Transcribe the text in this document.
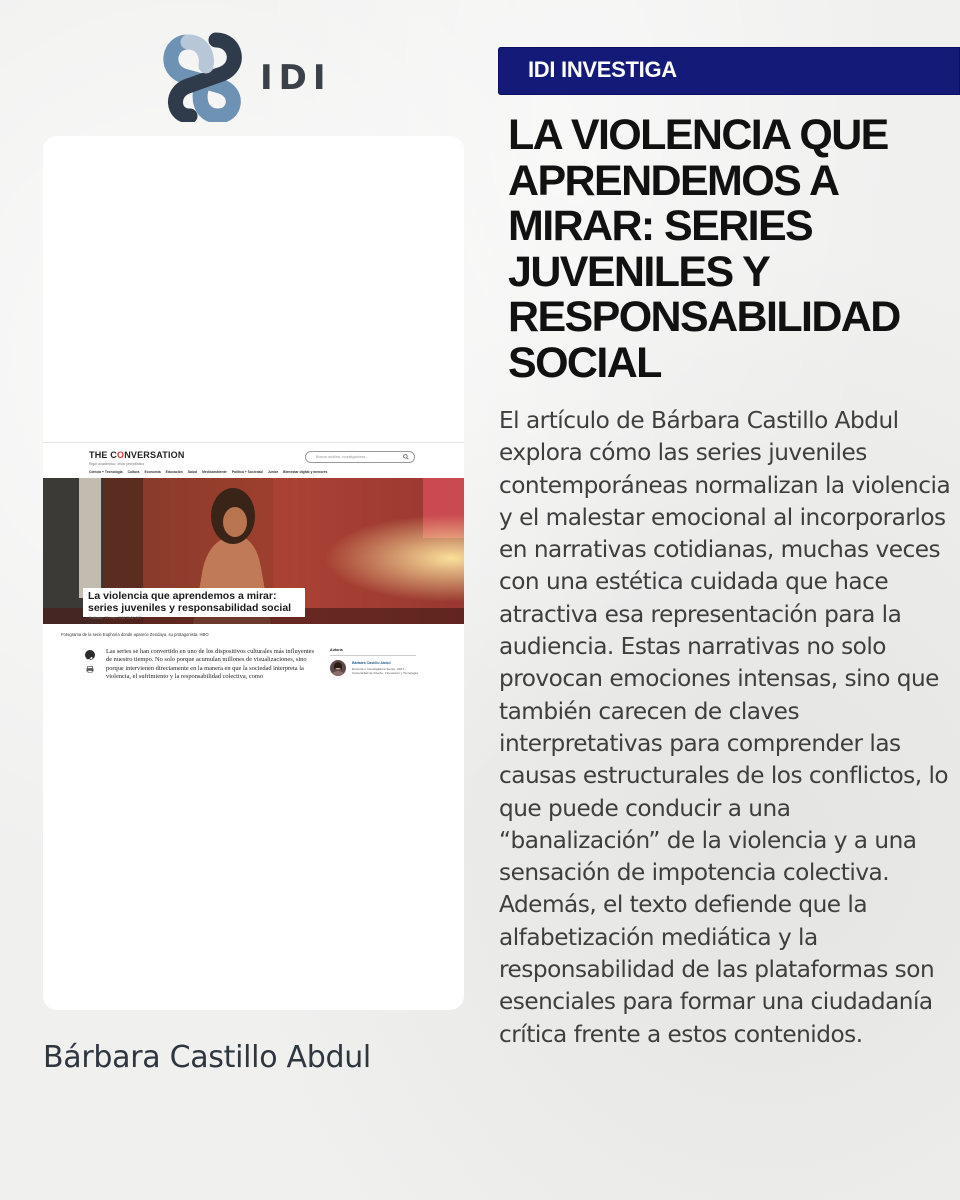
IDI
THE CONVERSATION
Rigor académico, oficio periodístico
Buscar análisis, investigadores...
Ciencia + Tecnología Cultura Economía Educación Salud Medioambiente Política + Sociedad Júnior Bienestar digital y menores
La violencia que aprendemos a mirar: series juveniles y responsabilidad social
Publicado: 23 enero 2026 20:00 CET
Fotograma de la serie Euphoria donde aparece Zendaya, su protagonista. HBO
Las series se han convertido en uno de los dispositivos culturales más influyentes de nuestro tiempo. No solo porque acumulan millones de visualizaciones, sino porque intervienen directamente en la manera en que la sociedad interpreta la violencia, el sufrimiento y la responsabilidad colectiva, como
Autoría
Bárbara Castillo Abdul
Docente e Investigadora Senior, UDIT - Universidad de Diseño, Innovación y Tecnología
Bárbara Castillo Abdul
IDI INVESTIGA
LA VIOLENCIA QUE APRENDEMOS A MIRAR: SERIES JUVENILES Y RESPONSABILIDAD SOCIAL
El artículo de Bárbara Castillo Abdul explora cómo las series juveniles contemporáneas normalizan la violencia y el malestar emocional al incorporarlos en narrativas cotidianas, muchas veces con una estética cuidada que hace atractiva esa representación para la audiencia. Estas narrativas no solo provocan emociones intensas, sino que también carecen de claves interpretativas para comprender las causas estructurales de los conflictos, lo que puede conducir a una “banalización” de la violencia y a una sensación de impotencia colectiva. Además, el texto defiende que la alfabetización mediática y la responsabilidad de las plataformas son esenciales para formar una ciudadanía crítica frente a estos contenidos.
